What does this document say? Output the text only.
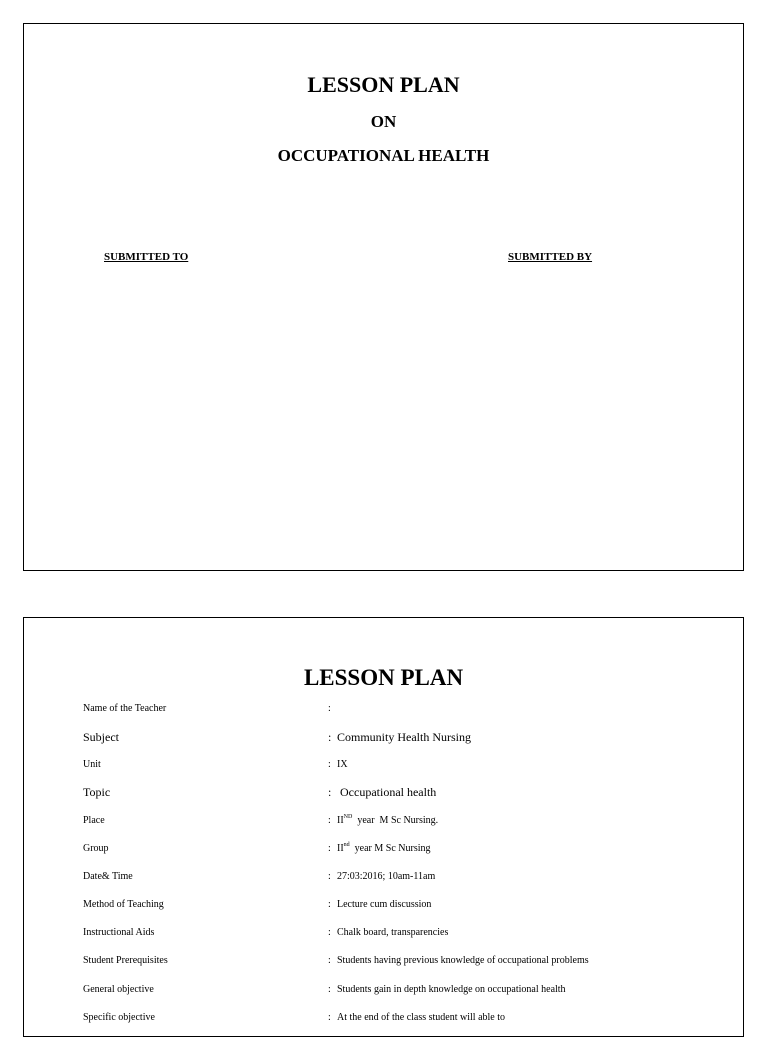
LESSON PLAN
ON
OCCUPATIONAL HEALTH
SUBMITTED TO	SUBMITTED BY
LESSON PLAN
Name of the Teacher	:
Subject	: Community Health Nursing
Unit	: IX
Topic	: Occupational health
Place	: IIND  year  M Sc Nursing.
Group	: IInd  year M Sc Nursing
Date& Time	: 27:03:2016; 10am-11am
Method of Teaching	: Lecture cum discussion
Instructional Aids	: Chalk board, transparencies
Student Prerequisites	: Students having previous knowledge of occupational problems
General objective	: Students gain in depth knowledge on occupational health
Specific objective	: At the end of the class student will able to
